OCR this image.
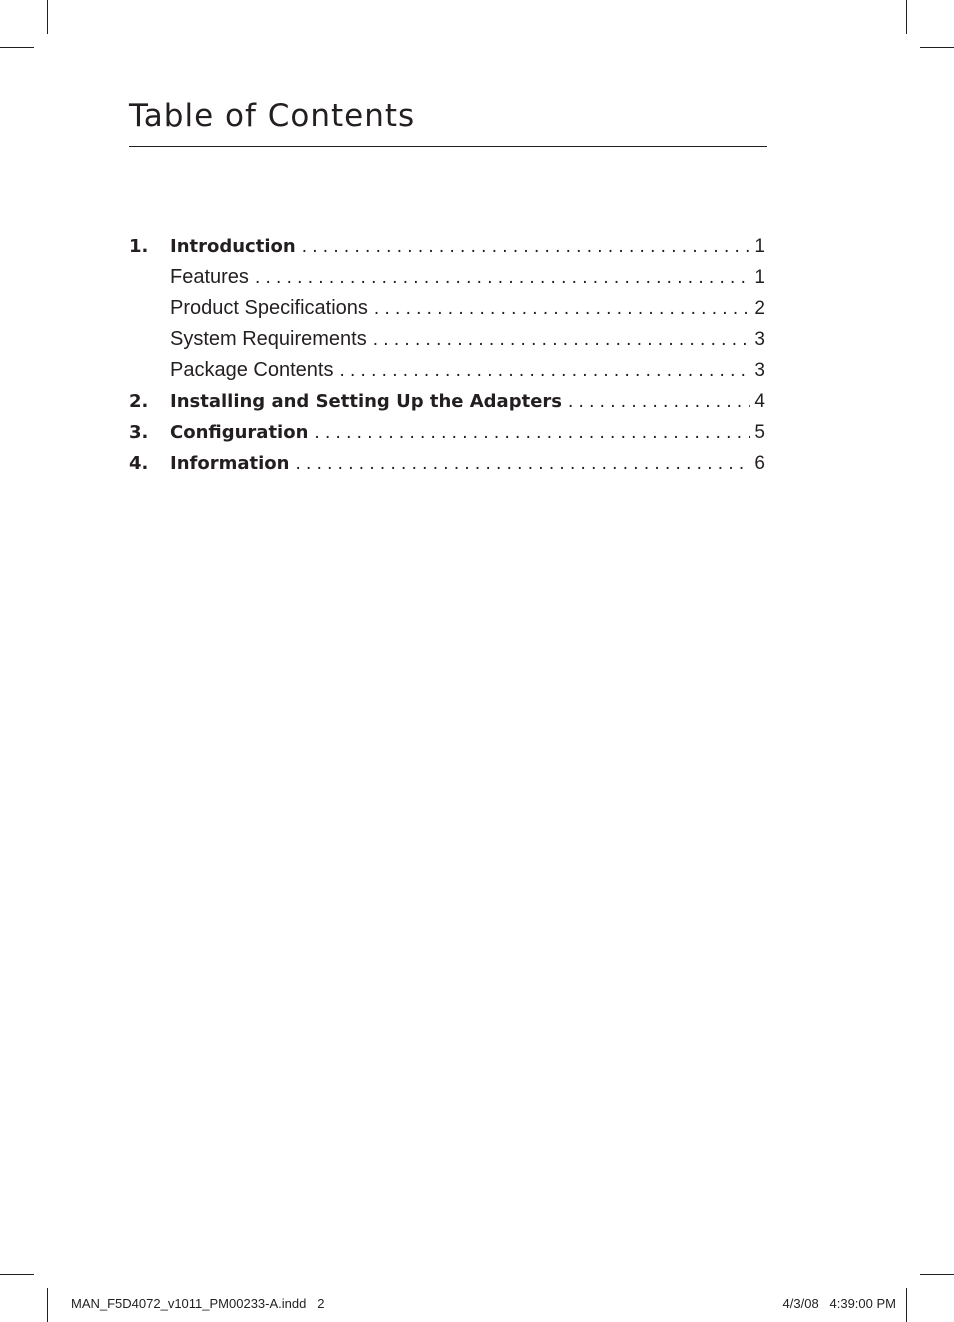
Table of Contents
1. Introduction . . .	1
Features . . .	1
Product Specifications . . .	2
System Requirements . . .	3
Package Contents . . .	3
2. Installing and Setting Up the Adapters . . .	4
3. Configuration . . .	5
4. Information . . .	6
MAN_F5D4072_v1011_PM00233-A.indd   2	4/3/08   4:39:00 PM
